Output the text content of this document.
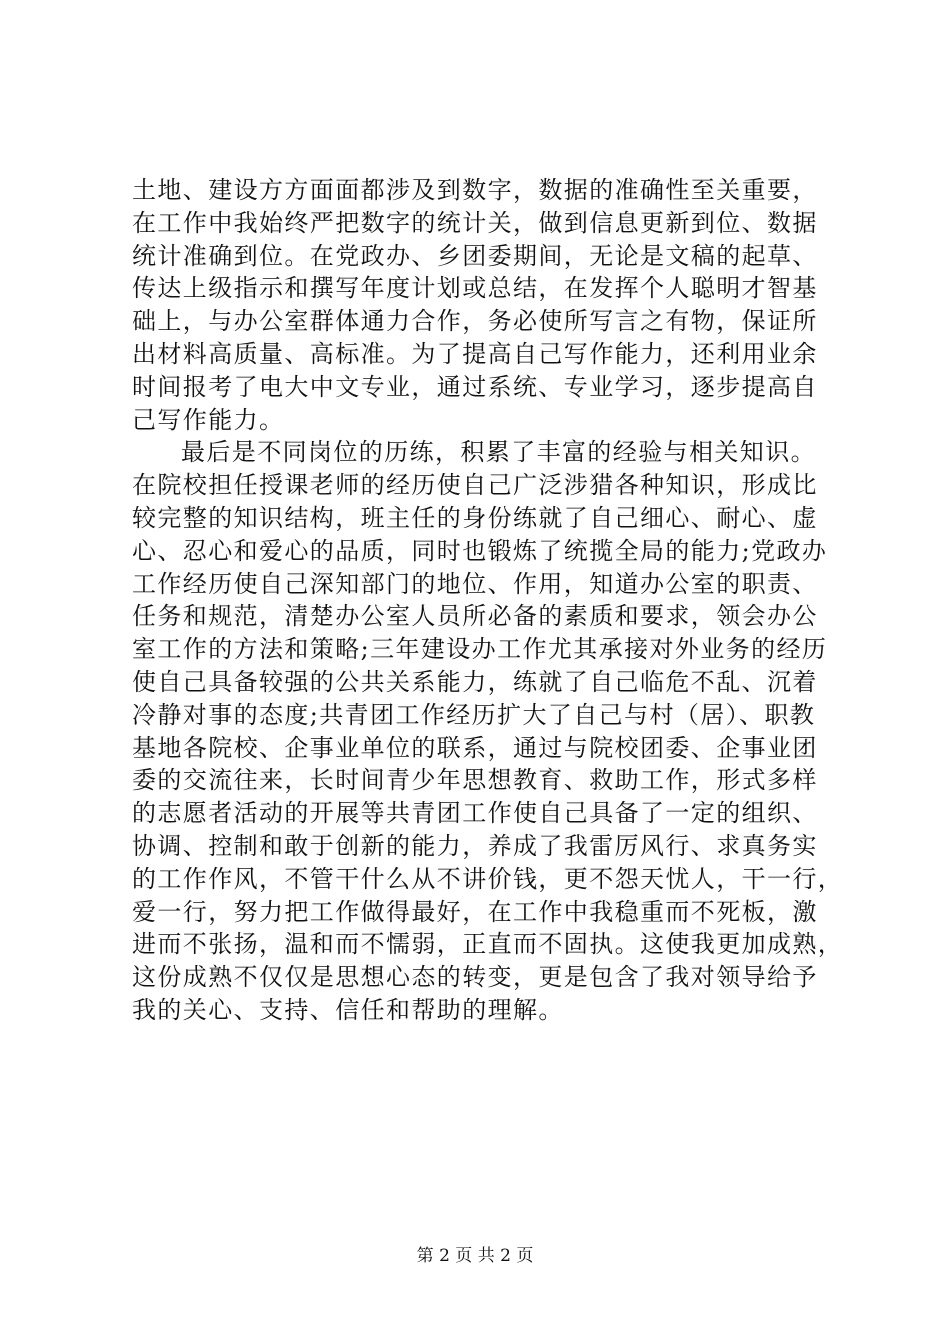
土地、建设方方面面都涉及到数字，数据的准确性至关重要，
在工作中我始终严把数字的统计关，做到信息更新到位、数据
统计准确到位。在党政办、乡团委期间，无论是文稿的起草、
传达上级指示和撰写年度计划或总结，在发挥个人聪明才智基
础上，与办公室群体通力合作，务必使所写言之有物，保证所
出材料高质量、高标准。为了提高自己写作能力，还利用业余
时间报考了电大中文专业，通过系统、专业学习，逐步提高自
己写作能力。
最后是不同岗位的历练，积累了丰富的经验与相关知识。
在院校担任授课老师的经历使自己广泛涉猎各种知识，形成比
较完整的知识结构，班主任的身份练就了自己细心、耐心、虚
心、忍心和爱心的品质，同时也锻炼了统揽全局的能力;党政办
工作经历使自己深知部门的地位、作用，知道办公室的职责、
任务和规范，清楚办公室人员所必备的素质和要求，领会办公
室工作的方法和策略;三年建设办工作尤其承接对外业务的经历
使自己具备较强的公共关系能力，练就了自己临危不乱、沉着
冷静对事的态度;共青团工作经历扩大了自己与村（居）、职教
基地各院校、企事业单位的联系，通过与院校团委、企事业团
委的交流往来，长时间青少年思想教育、救助工作，形式多样
的志愿者活动的开展等共青团工作使自己具备了一定的组织、
协调、控制和敢于创新的能力，养成了我雷厉风行、求真务实
的工作作风，不管干什么从不讲价钱，更不怨天忧人，干一行，
爱一行，努力把工作做得最好，在工作中我稳重而不死板，激
进而不张扬，温和而不懦弱，正直而不固执。这使我更加成熟，
这份成熟不仅仅是思想心态的转变，更是包含了我对领导给予
我的关心、支持、信任和帮助的理解。
第 2 页 共 2 页
